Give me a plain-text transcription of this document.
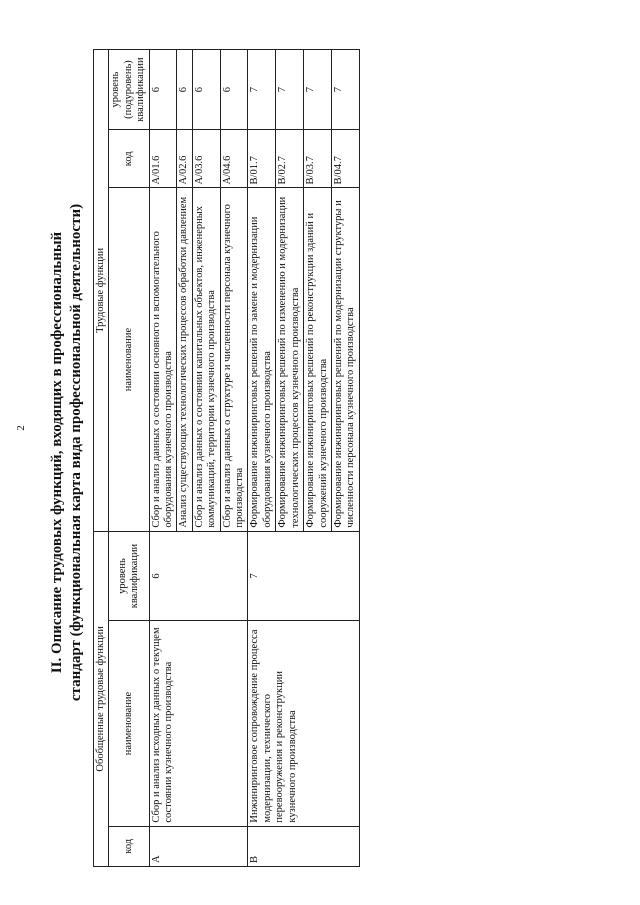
2 II. Описание трудовых функций, входящих в профессиональный стандарт (функциональная карта вида профессиональной деятельности) Обобщенные трудовые функции			Трудовые функции		
код	наименование	уровень квалификации	наименование	код	уровень (подуровень) квалификации
A	Сбор и анализ исходных данных о текущем состоянии кузнечного производства	6	Сбор и анализ данных о состоянии основного и вспомогательного оборудования кузнечного производства	A/01.6	6
			Анализ существующих технологических процессов обработки давлением	A/02.6	6
			Сбор и анализ данных о состоянии капитальных объектов, инженерных коммуникаций, территории кузнечного производства	A/03.6	6
			Сбор и анализ данных о структуре и численности персонала кузнечного производства	A/04.6	6
B	Инжиниринговое сопровождение процесса модернизации, технического перевооружения и реконструкции кузнечного производства	7	Формирование инжиниринговых решений по замене и модернизации оборудования кузнечного производства	B/01.7	7
			Формирование инжиниринговых решений по изменению и модернизации технологических процессов кузнечного производства	B/02.7	7
			Формирование инжиниринговых решений по реконструкции зданий и сооружений кузнечного производства	B/03.7	7
			Формирование инжиниринговых решений по модернизации структуры и численности персонала кузнечного производства	B/04.7	7
